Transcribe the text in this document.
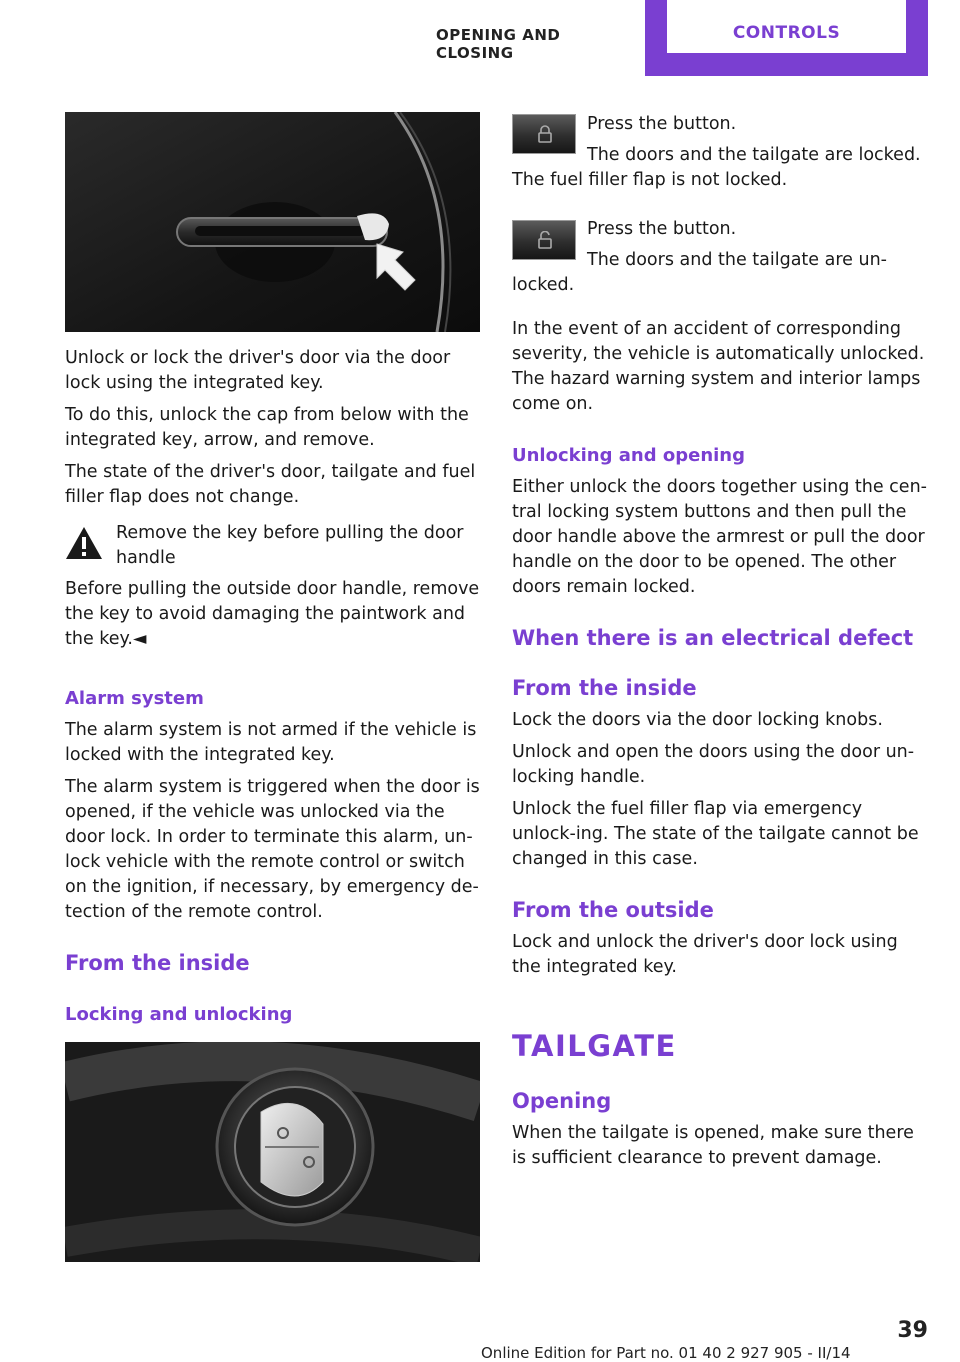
OPENING AND CLOSING
CONTROLS

Unlock or lock the driver's door via the door lock using the integrated key.

To do this, unlock the cap from below with the integrated key, arrow, and remove.

The state of the driver's door, tailgate and fuel filler flap does not change.

Remove the key before pulling the door handle

Before pulling the outside door handle, remove the key to avoid damaging the paintwork and the key.◄

Alarm system

The alarm system is not armed if the vehicle is locked with the integrated key.

The alarm system is triggered when the door is opened, if the vehicle was unlocked via the door lock. In order to terminate this alarm, un‐lock vehicle with the remote control or switch on the ignition, if necessary, by emergency de‐tection of the remote control.

From the inside
Locking and unlocking

Press the button.

The doors and the tailgate are locked.

The fuel filler flap is not locked.

Press the button.

The doors and the tailgate are un‐

locked.

In the event of an accident of corresponding severity, the vehicle is automatically unlocked. The hazard warning system and interior lamps come on.

Unlocking and opening

Either unlock the doors together using the cen‐tral locking system buttons and then pull the door handle above the armrest or pull the door handle on the door to be opened. The other doors remain locked.

When there is an electrical defect
From the inside

Lock the doors via the door locking knobs.

Unlock and open the doors using the door un‐locking handle.

Unlock the fuel filler flap via emergency unlock‐ing. The state of the tailgate cannot be changed in this case.

From the outside

Lock and unlock the driver's door lock using the integrated key.

TAILGATE
Opening

When the tailgate is opened, make sure there is sufficient clearance to prevent damage.

39
Online Edition for Part no. 01 40 2 927 905 - II/14
